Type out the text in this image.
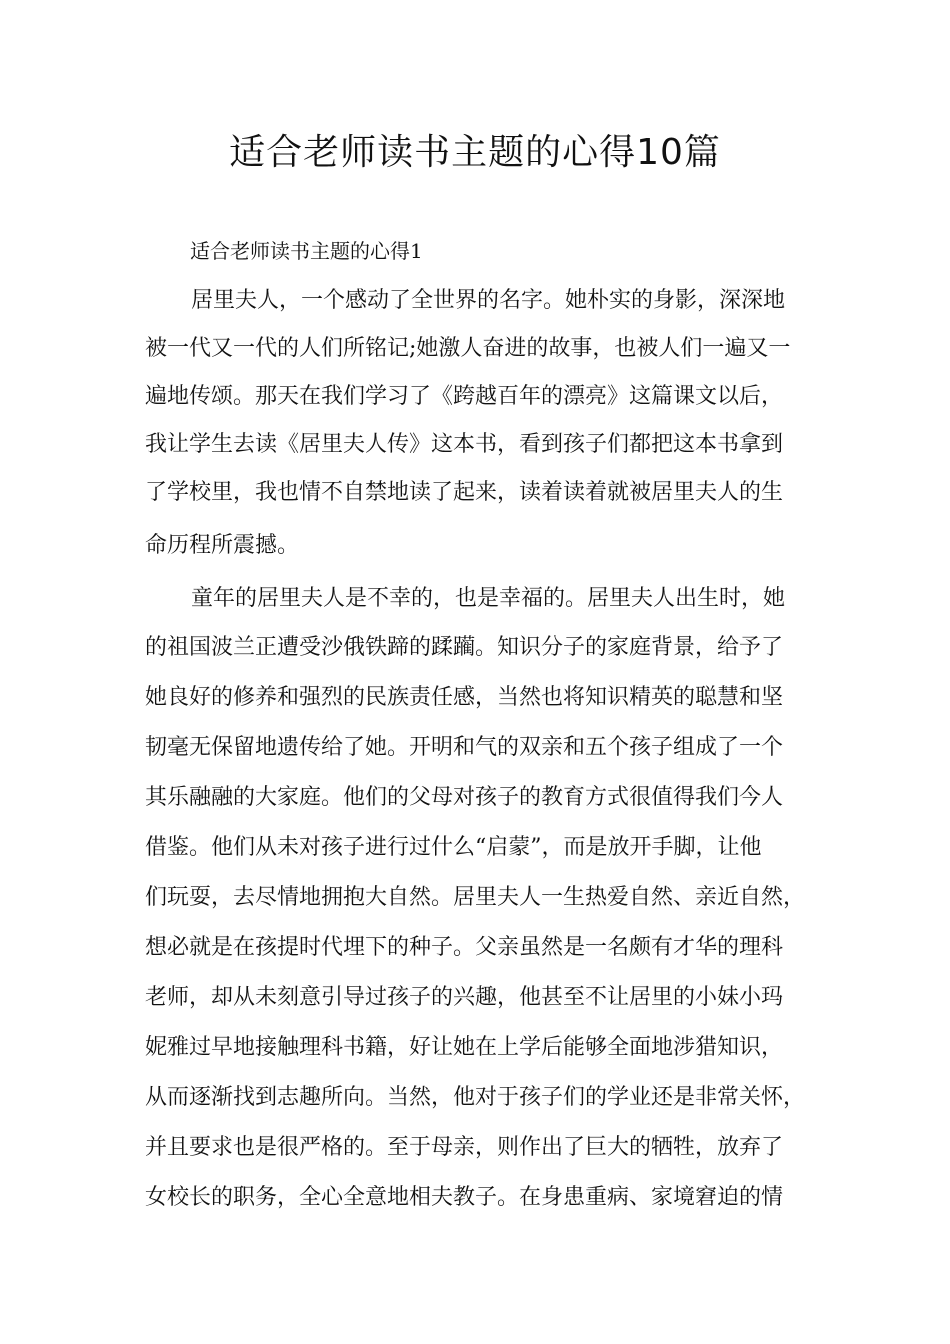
适合老师读书主题的心得10篇
适合老师读书主题的心得1

居里夫人，一个感动了全世界的名字。她朴实的身影，深深地

被一代又一代的人们所铭记;她激人奋进的故事，也被人们一遍又一

遍地传颂。那天在我们学习了《跨越百年的漂亮》这篇课文以后，

我让学生去读《居里夫人传》这本书，看到孩子们都把这本书拿到

了学校里，我也情不自禁地读了起来，读着读着就被居里夫人的生

命历程所震撼。

童年的居里夫人是不幸的，也是幸福的。居里夫人出生时，她

的祖国波兰正遭受沙俄铁蹄的蹂躏。知识分子的家庭背景，给予了

她良好的修养和强烈的民族责任感，当然也将知识精英的聪慧和坚

韧毫无保留地遗传给了她。开明和气的双亲和五个孩子组成了一个

其乐融融的大家庭。他们的父母对孩子的教育方式很值得我们今人

借鉴。他们从未对孩子进行过什么“启蒙”，而是放开手脚，让他

们玩耍，去尽情地拥抱大自然。居里夫人一生热爱自然、亲近自然，

想必就是在孩提时代埋下的种子。父亲虽然是一名颇有才华的理科

老师，却从未刻意引导过孩子的兴趣，他甚至不让居里的小妹小玛

妮雅过早地接触理科书籍，好让她在上学后能够全面地涉猎知识，

从而逐渐找到志趣所向。当然，他对于孩子们的学业还是非常关怀，

并且要求也是很严格的。至于母亲，则作出了巨大的牺牲，放弃了

女校长的职务，全心全意地相夫教子。在身患重病、家境窘迫的情
